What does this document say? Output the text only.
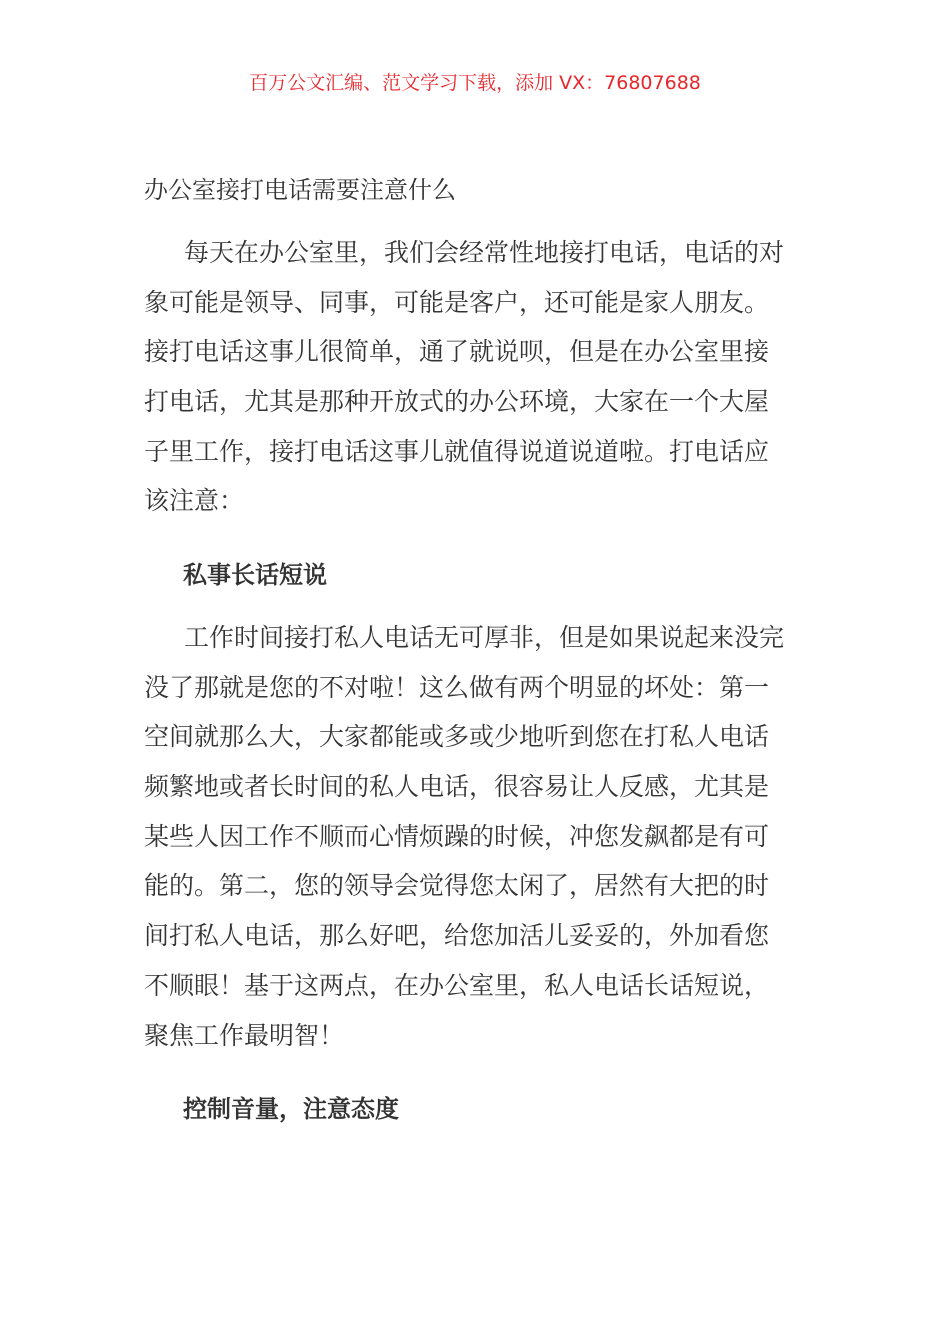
百万公文汇编、范文学习下载，添加 VX：76807688
办公室接打电话需要注意什么
每天在办公室里，我们会经常性地接打电话，电话的对
象可能是领导、同事，可能是客户，还可能是家人朋友。
接打电话这事儿很简单，通了就说呗，但是在办公室里接
打电话，尤其是那种开放式的办公环境，大家在一个大屋
子里工作，接打电话这事儿就值得说道说道啦。打电话应
该注意：
私事长话短说
工作时间接打私人电话无可厚非，但是如果说起来没完
没了那就是您的不对啦！这么做有两个明显的坏处：第一
空间就那么大，大家都能或多或少地听到您在打私人电话
频繁地或者长时间的私人电话，很容易让人反感，尤其是
某些人因工作不顺而心情烦躁的时候，冲您发飙都是有可
能的。第二，您的领导会觉得您太闲了，居然有大把的时
间打私人电话，那么好吧，给您加活儿妥妥的，外加看您
不顺眼！基于这两点，在办公室里，私人电话长话短说，
聚焦工作最明智！
控制音量，注意态度
